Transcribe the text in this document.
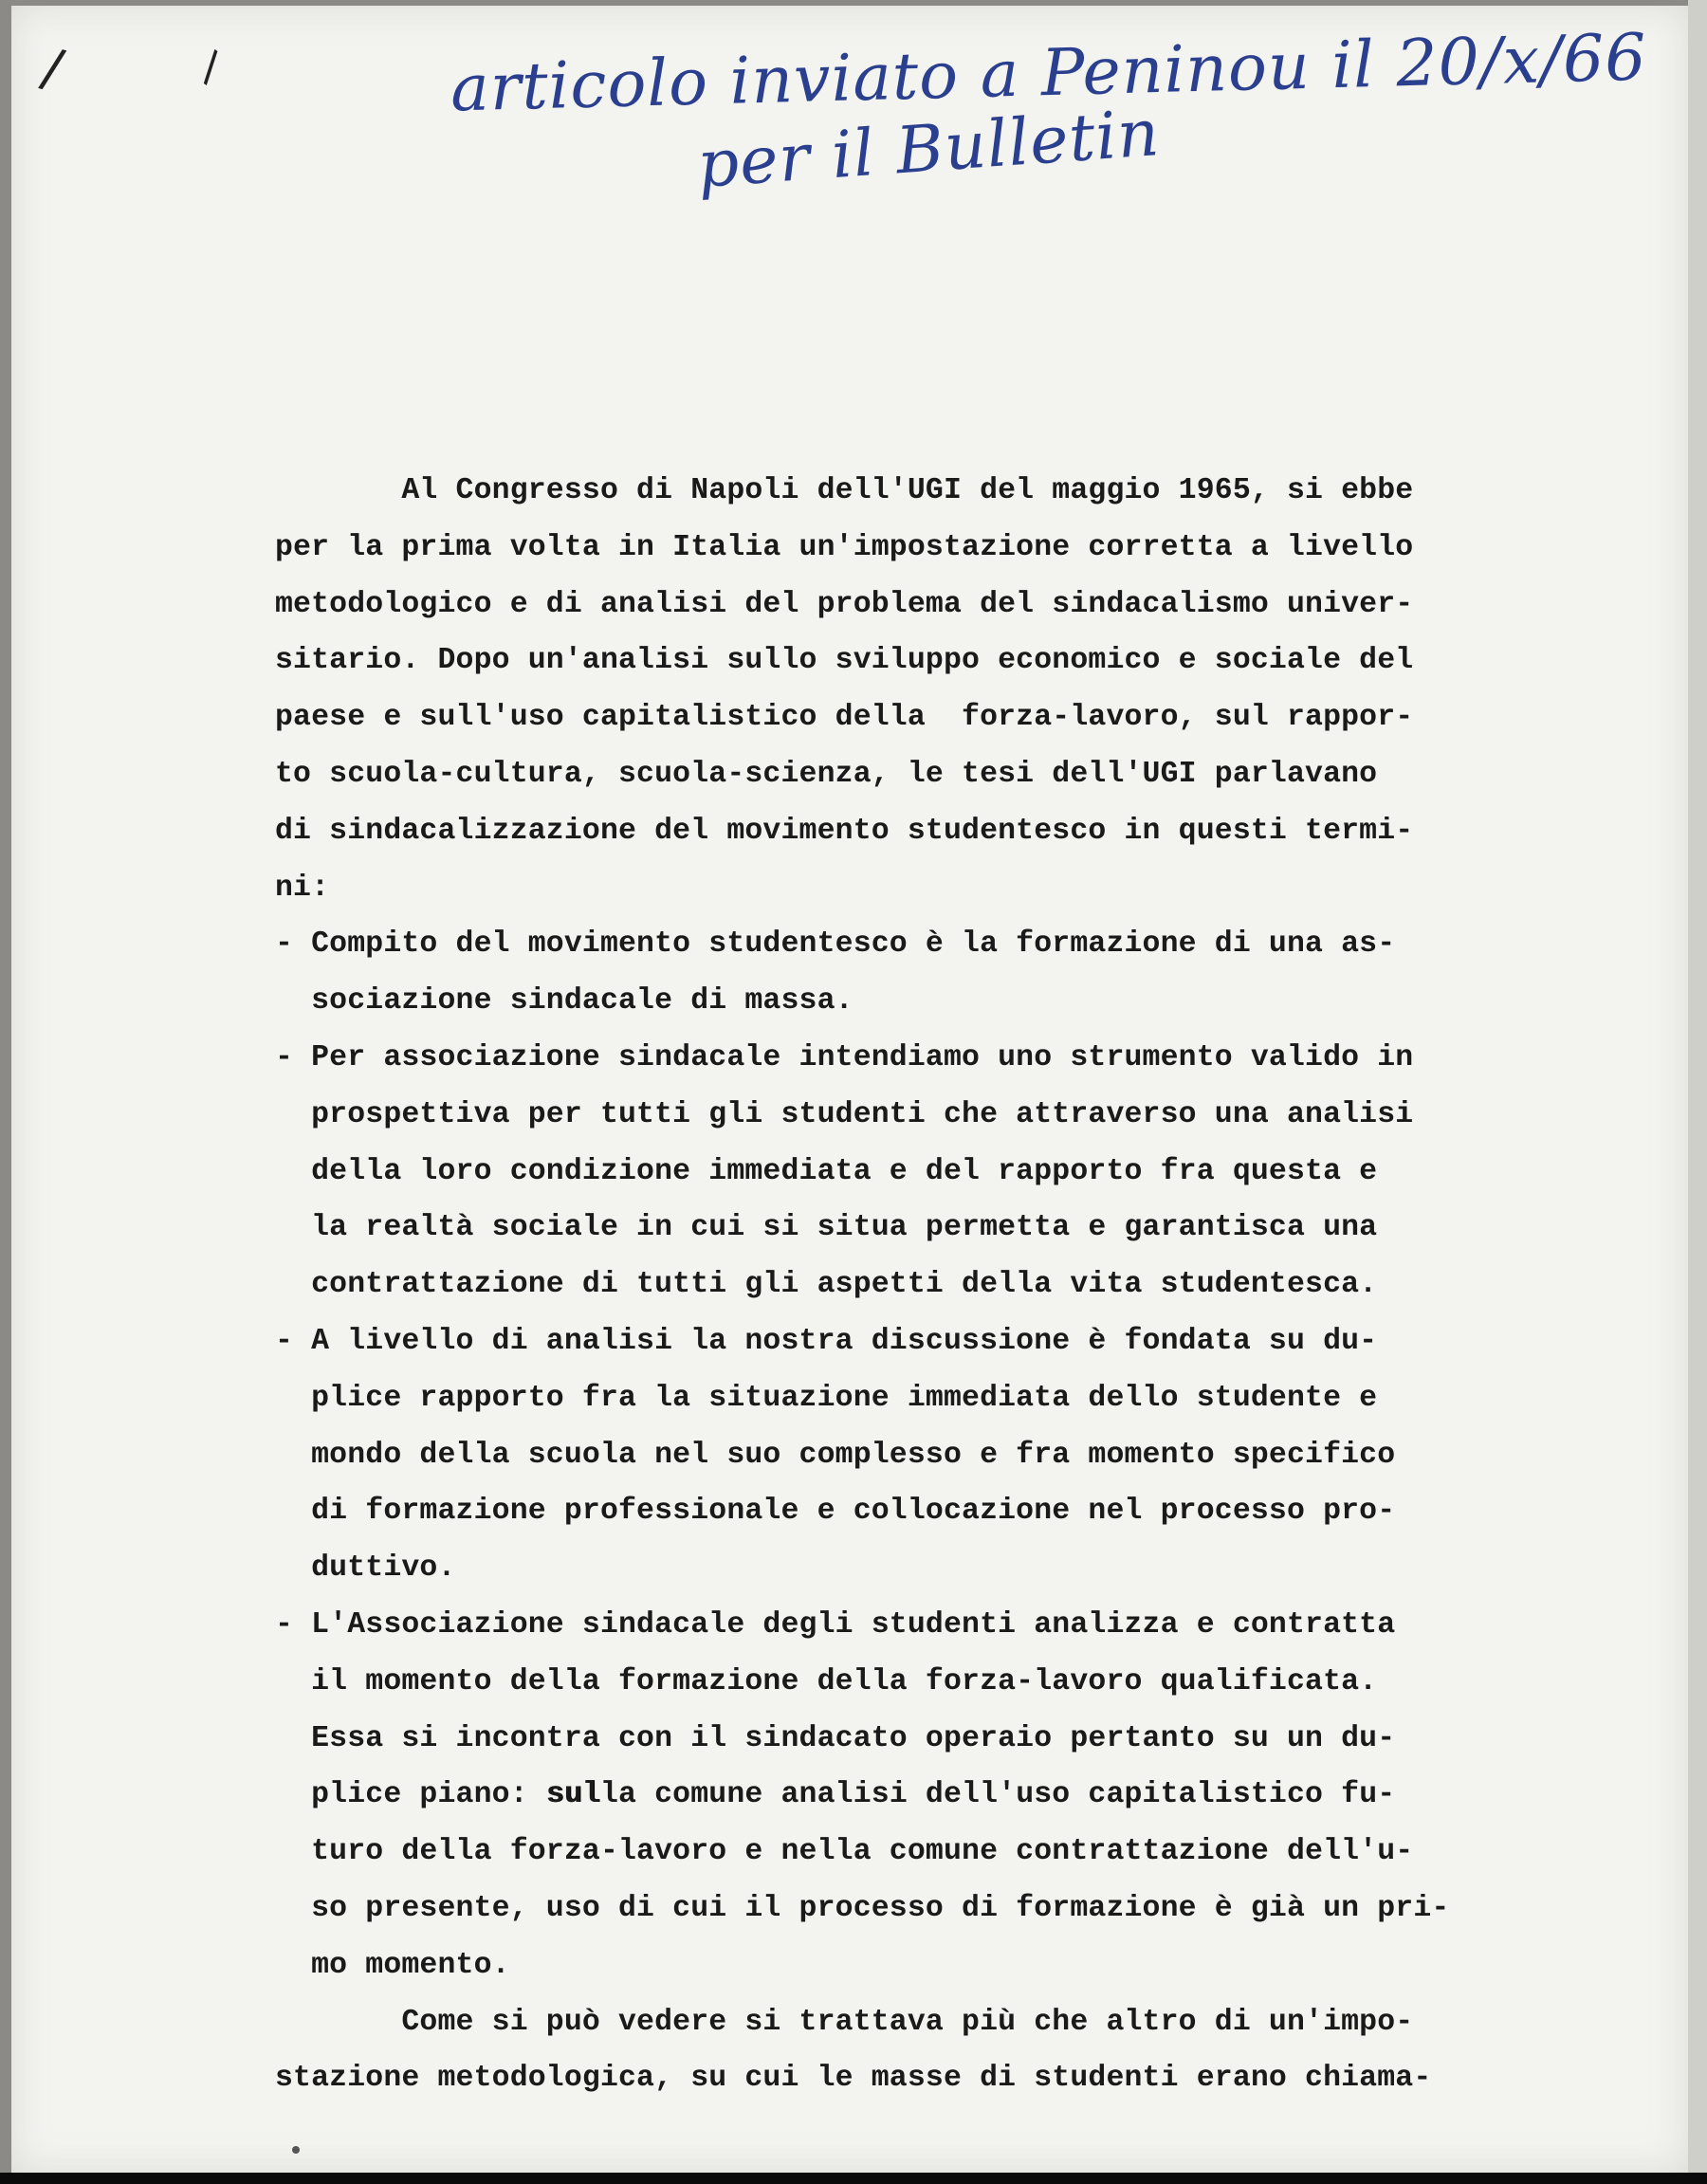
/	\	articolo inviato a Peninou il 20/x/66
per il Bulletin
Al Congresso di Napoli dell'UGI del maggio 1965, si ebbe
per la prima volta in Italia un'impostazione corretta a livello
metodologico e di analisi del problema del sindacalismo univer-
sitario. Dopo un'analisi sullo sviluppo economico e sociale del
paese e sull'uso capitalistico della  forza-lavoro, sul rappor-
to scuola-cultura, scuola-scienza, le tesi dell'UGI parlavano
di sindacalizzazione del movimento studentesco in questi termi-
ni:
- Compito del movimento studentesco è la formazione di una as-
sociazione sindacale di massa.
- Per associazione sindacale intendiamo uno strumento valido in
prospettiva per tutti gli studenti che attraverso una analisi
della loro condizione immediata e del rapporto fra questa e
la realtà sociale in cui si situa permetta e garantisca una
contrattazione di tutti gli aspetti della vita studentesca.
- A livello di analisi la nostra discussione è fondata su du-
plice rapporto fra la situazione immediata dello studente e
mondo della scuola nel suo complesso e fra momento specifico
di formazione professionale e collocazione nel processo pro-
duttivo.
- L'Associazione sindacale degli studenti analizza e contratta
il momento della formazione della forza-lavoro qualificata.
Essa si incontra con il sindacato operaio pertanto su un du-
plice piano: sulla comune analisi dell'uso capitalistico fu-
turo della forza-lavoro e nella comune contrattazione dell'u-
so presente, uso di cui il processo di formazione è già un pri-
mo momento.
Come si può vedere si trattava più che altro di un'impo-
stazione metodologica, su cui le masse di studenti erano chiama-
